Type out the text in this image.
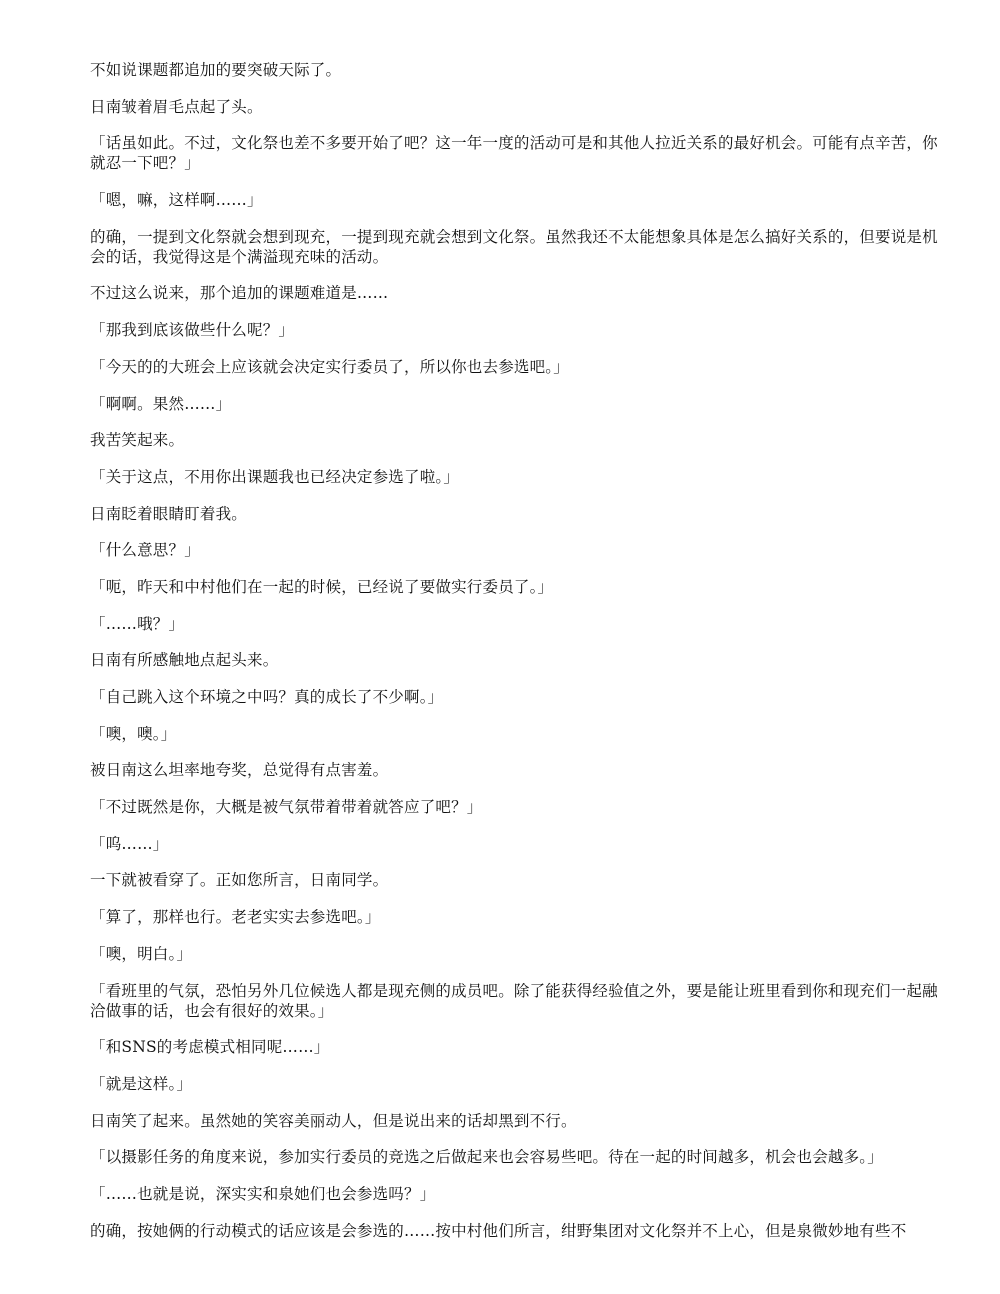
不如说课题都追加的要突破天际了。

日南皱着眉毛点起了头。

「话虽如此。不过，文化祭也差不多要开始了吧？这一年一度的活动可是和其他人拉近关系的最好机会。可能有点辛苦，你就忍一下吧？」

「嗯，嘛，这样啊……」

的确，一提到文化祭就会想到现充，一提到现充就会想到文化祭。虽然我还不太能想象具体是怎么搞好关系的，但要说是机会的话，我觉得这是个满溢现充味的活动。

不过这么说来，那个追加的课题难道是……

「那我到底该做些什么呢？」

「今天的的大班会上应该就会决定实行委员了，所以你也去参选吧。」

「啊啊。果然……」

我苦笑起来。

「关于这点，不用你出课题我也已经决定参选了啦。」

日南眨着眼睛盯着我。

「什么意思？」

「呃，昨天和中村他们在一起的时候，已经说了要做实行委员了。」

「……哦？」

日南有所感触地点起头来。

「自己跳入这个环境之中吗？真的成长了不少啊。」

「噢，噢。」

被日南这么坦率地夸奖，总觉得有点害羞。

「不过既然是你，大概是被气氛带着带着就答应了吧？」

「呜……」

一下就被看穿了。正如您所言，日南同学。

「算了，那样也行。老老实实去参选吧。」

「噢，明白。」

「看班里的气氛，恐怕另外几位候选人都是现充侧的成员吧。除了能获得经验值之外，要是能让班里看到你和现充们一起融洽做事的话，也会有很好的效果。」

「和SNS的考虑模式相同呢……」

「就是这样。」

日南笑了起来。虽然她的笑容美丽动人，但是说出来的话却黑到不行。

「以摄影任务的角度来说，参加实行委员的竞选之后做起来也会容易些吧。待在一起的时间越多，机会也会越多。」

「……也就是说，深实实和泉她们也会参选吗？」

的确，按她俩的行动模式的话应该是会参选的……按中村他们所言，绀野集团对文化祭并不上心，但是泉微妙地有些不
